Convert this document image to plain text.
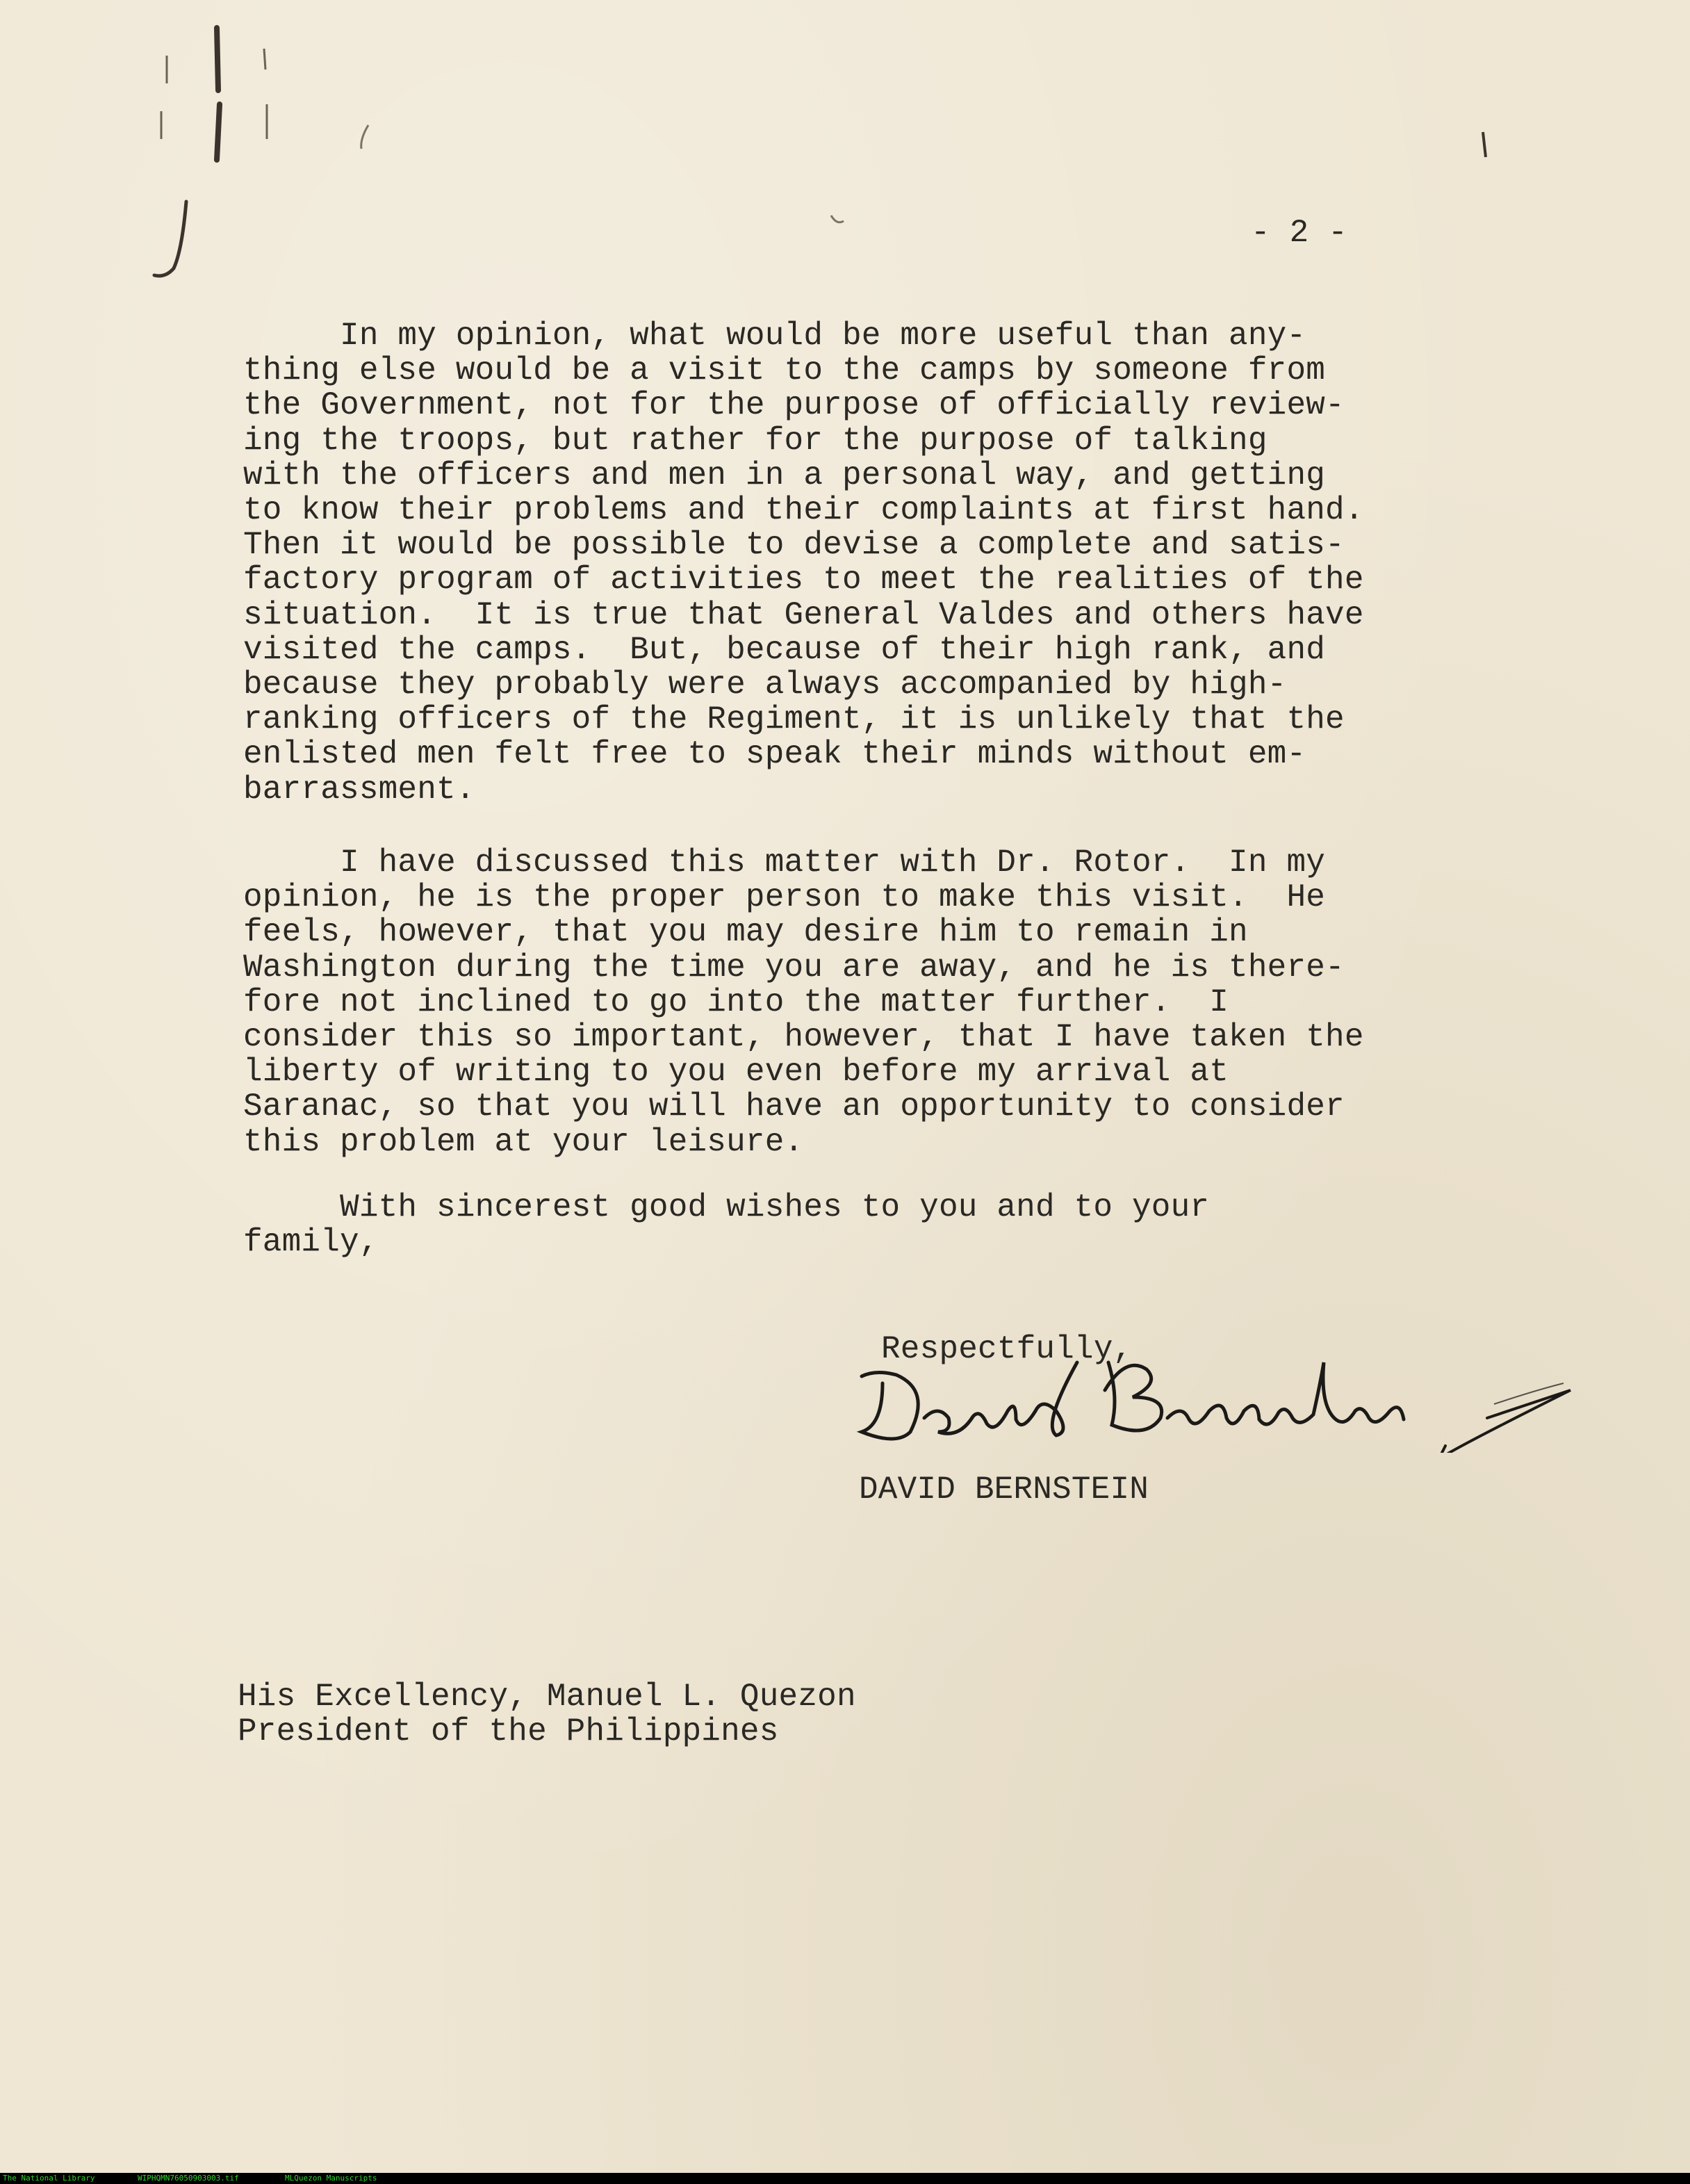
- 2 -

In my opinion, what would be more useful than any-
thing else would be a visit to the camps by someone from
the Government, not for the purpose of officially review-
ing the troops, but rather for the purpose of talking
with the officers and men in a personal way, and getting
to know their problems and their complaints at first hand.
Then it would be possible to devise a complete and satis-
factory program of activities to meet the realities of the
situation.  It is true that General Valdes and others have
visited the camps.  But, because of their high rank, and
because they probably were always accompanied by high-
ranking officers of the Regiment, it is unlikely that the
enlisted men felt free to speak their minds without em-
barrassment.

I have discussed this matter with Dr. Rotor.  In my
opinion, he is the proper person to make this visit.  He
feels, however, that you may desire him to remain in
Washington during the time you are away, and he is there-
fore not inclined to go into the matter further.  I
consider this so important, however, that I have taken the
liberty of writing to you even before my arrival at
Saranac, so that you will have an opportunity to consider
this problem at your leisure.

With sincerest good wishes to you and to your
family,

Respectfully,

DAVID BERNSTEIN

His Excellency, Manuel L. Quezon
President of the Philippines

The National Library	WIPHQMN76050903003.tif	MLQuezon Manuscripts
